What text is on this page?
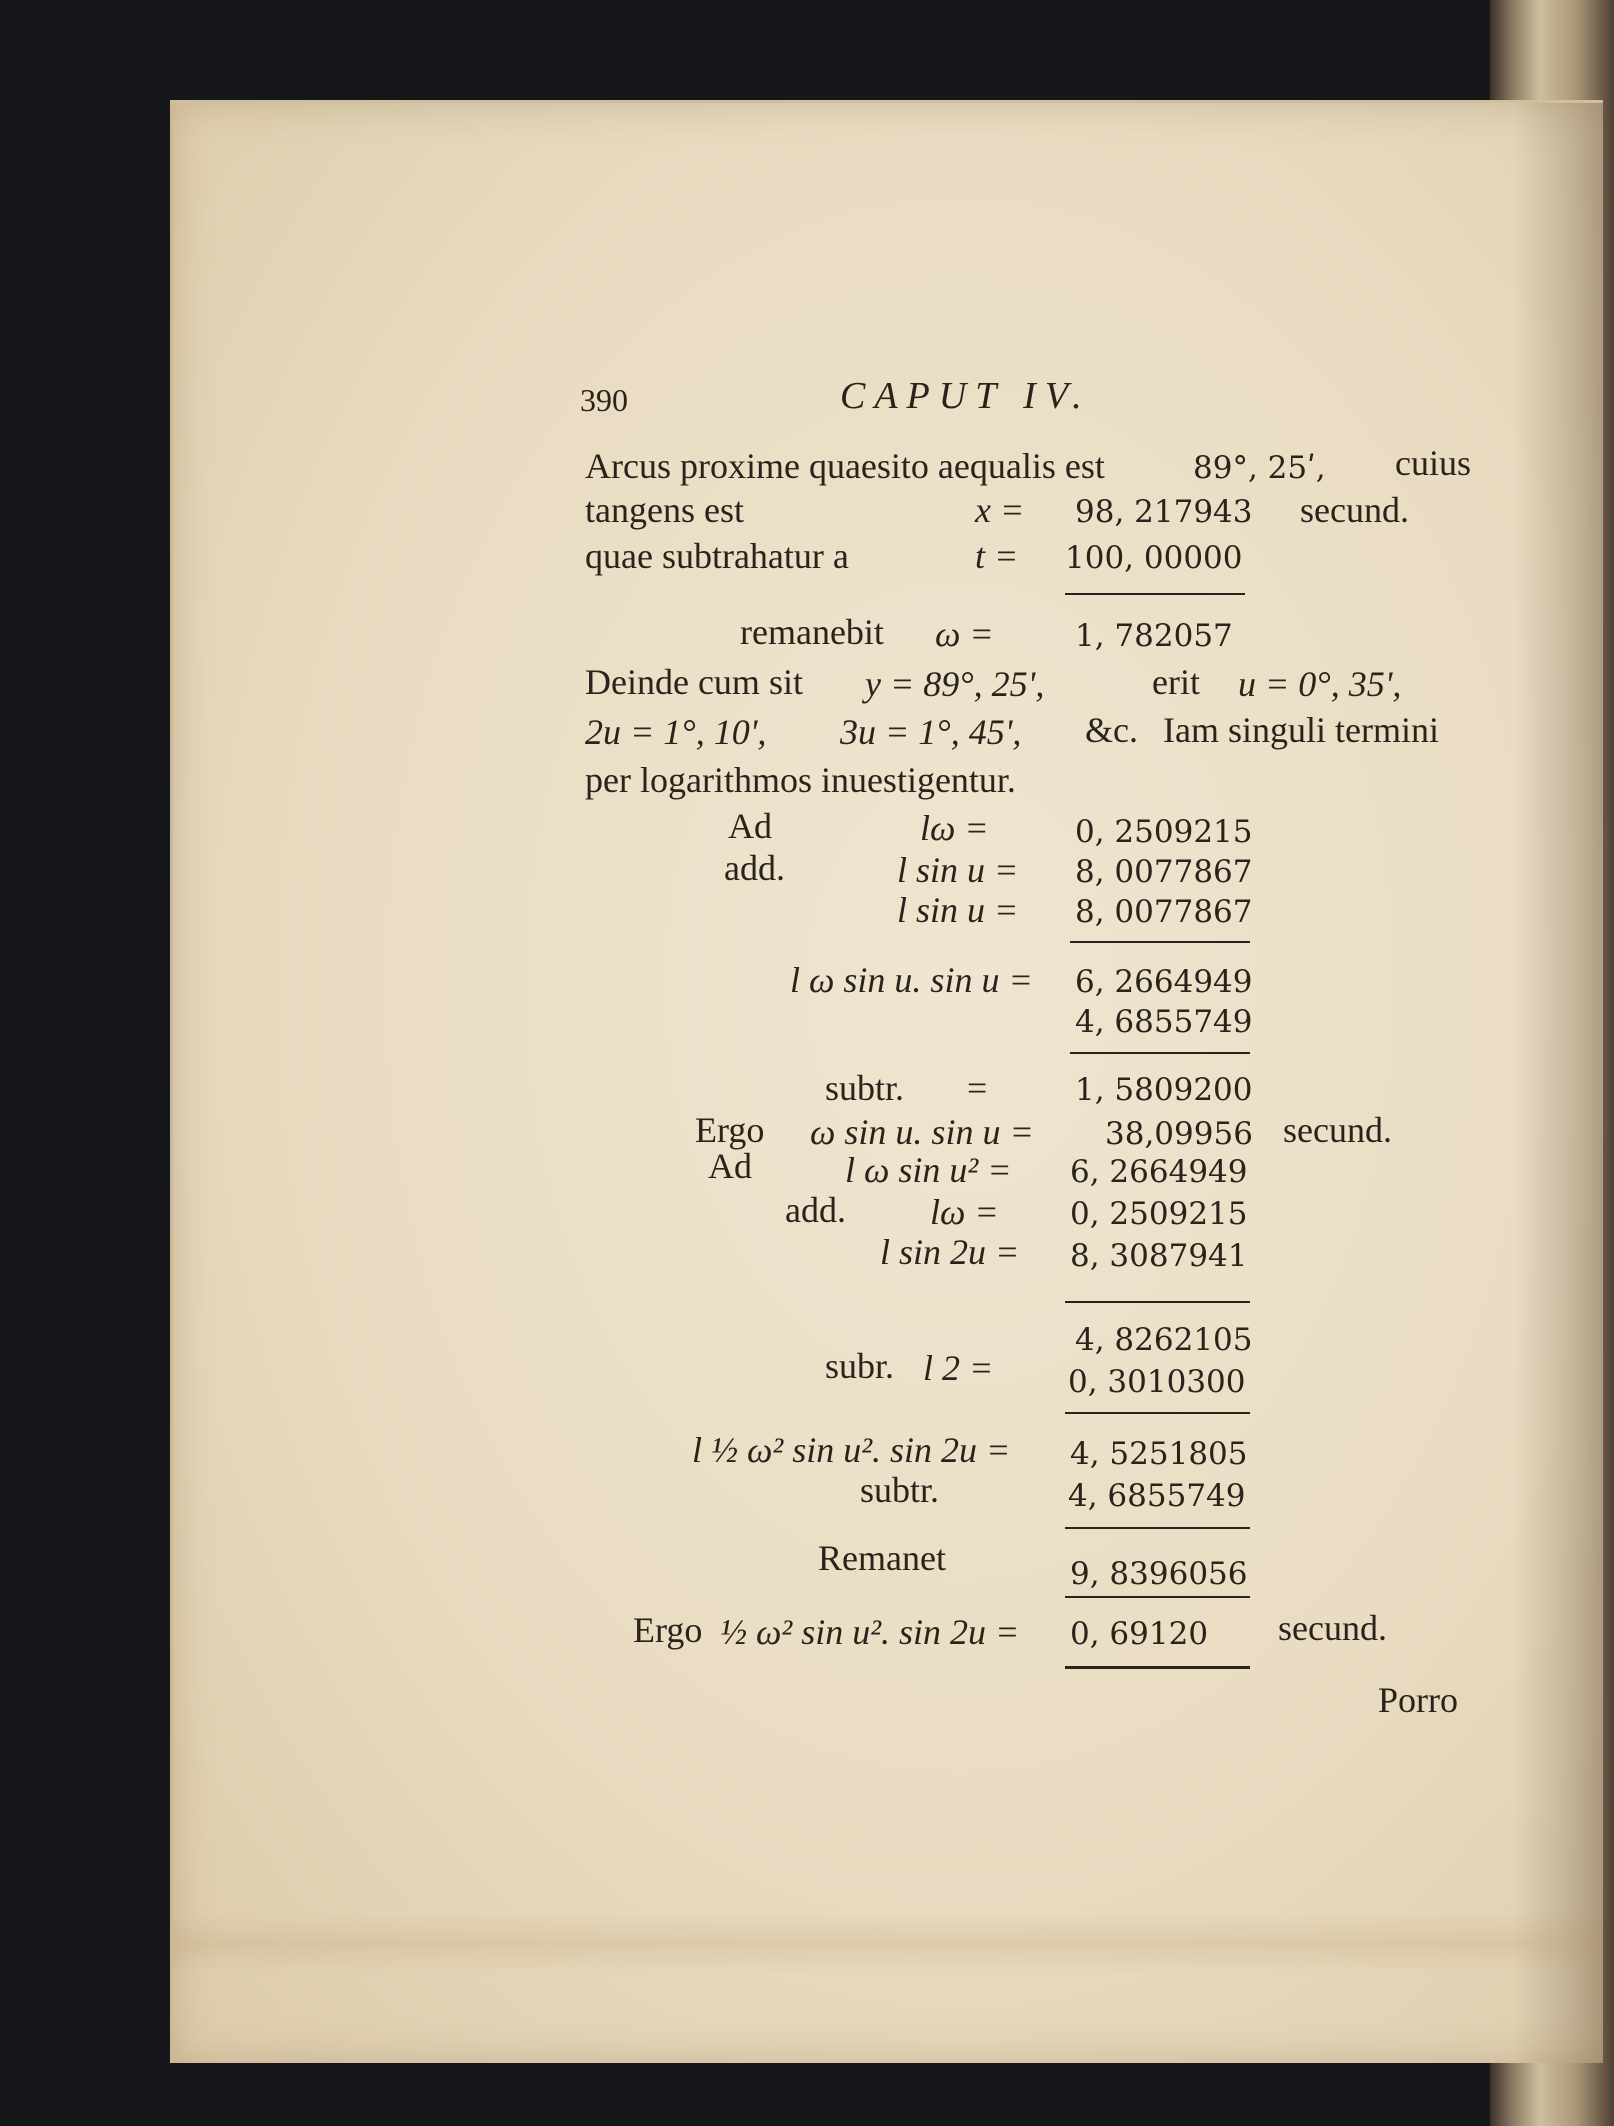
390	CAPUT IV.
Arcus proxime quaesito aequalis est	89°, 25ʹ, cuius
tangens est	x = 98, 217943 secund.
quae subtrahatur a	t = 100, 00000
remanebit ω =	1, 782057
Deinde cum sit y = 89°, 25ʹ,	erit u = 0°, 35ʹ,
2u = 1°, 10ʹ, 3u = 1°, 45ʹ, &c. Iam singuli termini
per logarithmos inuestigentur.
Ad	lω =	0, 2509215
add.	l sin u = 8, 0077867
l sin u = 8, 0077867
l ω sin u. sin u = 6, 2664949
4, 6855749
subtr.       =	1, 5809200
Ergo ω sin u. sin u = 38,09956 secund.
Ad	l ω sin u² = 6, 2664949
add. lω = 0, 2509215
l sin 2u = 8, 3087941
4, 8262105
subr. l 2 = 0, 3010300
l ½ ω² sin u². sin 2u = 4, 5251805
subtr.	4, 6855749
Remanet	9, 8396056
Ergo ½ ω² sin u². sin 2u = 0, 69120 secund.
Porro
